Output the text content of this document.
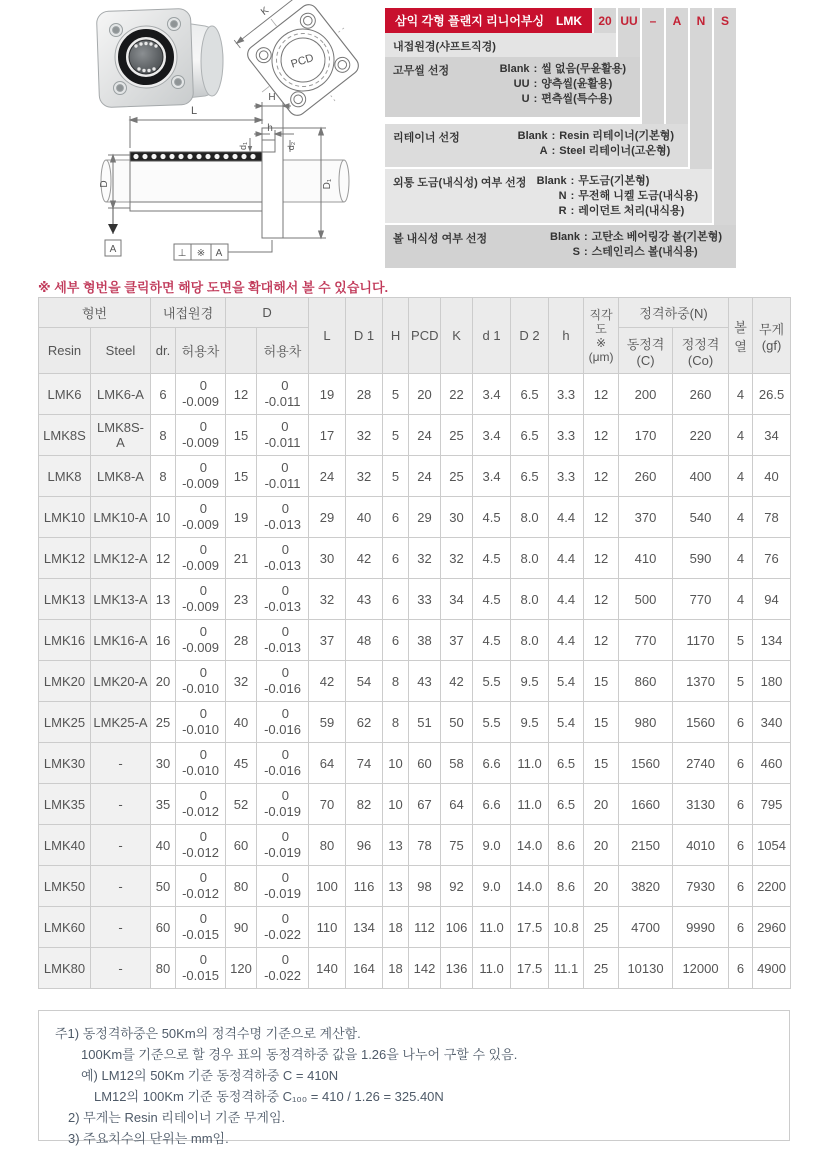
PCD
K
L
H
h
d₁	d₂
D	D₁
A	⊥ ※ A
삼익 각형 플랜지 리니어부싱 LMK	20 UU –	A	N	S
내접원경(샤프트직경)
고무씰 선정	Blank : 씰 없음(무윤활용)
UU : 양측씰(윤활용)
U : 편측씰(특수용)
리테이너 선정	Blank : Resin 리테이너(기본형)
A : Steel 리테이너(고온형)
외통 도금(내식성) 여부 선정 Blank : 무도금(기본형)
N : 무전해 니켈 도금(내식용)
R : 레이던트 처리(내식용)
볼 내식성 여부 선정	Blank : 고탄소 베어링강 볼(기본형)
S : 스테인리스 볼(내식용)
※ 세부 형번을 클릭하면 해당 도면을 확대해서 볼 수 있습니다.
형번	내접원경	D	L	D 1	H	PCD	K	d 1	D 2	h	
직각
도
※
(μm)
	정격하중(N)	
볼
열

무게
(gf)

Resin	Steel	dr.	허용차		허용차	동정격
(C)

정정격
(Co)

LMK6	LMK6-A	6	
0
-0.009	12	
0
-0.011	19	28	5	20	22	3.4	6.5	3.3	12	200	260	4	26.5
LMK8S	LMK8S-A	8	
0
-0.009	15	
0
-0.011	17	32	5	24	25	3.4	6.5	3.3	12	170	220	4	34
LMK8	LMK8-A	8	
0
-0.009	15	
0
-0.011	24	32	5	24	25	3.4	6.5	3.3	12	260	400	4	40
LMK10	LMK10-A	10	
0
-0.009	19	
0
-0.013	29	40	6	29	30	4.5	8.0	4.4	12	370	540	4	78
LMK12	LMK12-A	12	
0
-0.009	21	
0
-0.013	30	42	6	32	32	4.5	8.0	4.4	12	410	590	4	76
LMK13	LMK13-A	13	
0
-0.009	23	
0
-0.013	32	43	6	33	34	4.5	8.0	4.4	12	500	770	4	94
LMK16	LMK16-A	16	
0
-0.009	28	
0
-0.013	37	48	6	38	37	4.5	8.0	4.4	12	770	1170	5	134
LMK20	LMK20-A	20	
0
-0.010	32	
0
-0.016	42	54	8	43	42	5.5	9.5	5.4	15	860	1370	5	180
LMK25	LMK25-A	25	
0
-0.010	40	
0
-0.016	59	62	8	51	50	5.5	9.5	5.4	15	980	1560	6	340
LMK30	-	30	
0
-0.010	45	
0
-0.016	64	74	10	60	58	6.6	11.0	6.5	15	1560	2740	6	460
LMK35	-	35	
0
-0.012	52	
0
-0.019	70	82	10	67	64	6.6	11.0	6.5	20	1660	3130	6	795
LMK40	-	40	
0
-0.012	60	
0
-0.019	80	96	13	78	75	9.0	14.0	8.6	20	2150	4010	6	1054
LMK50	-	50	
0
-0.012	80	
0
-0.019	100	116	13	98	92	9.0	14.0	8.6	20	3820	7930	6	2200
LMK60	-	60	
0
-0.015	90	
0
-0.022	110	134	18	112	106	11.0	17.5	10.8	25	4700	9990	6	2960
LMK80	-	80	
0
-0.015	120	
0
-0.022	140	164	18	142	136	11.0	17.5	11.1	25	10130	12000	6	4900
주1) 동정격하중은 50Km의 정격수명 기준으로 계산함.
100Km를 기준으로 할 경우 표의 동정격하중 값을 1.26을 나누어 구할 수 있음.
예) LM12의 50Km 기준 동정격하중 C = 410N
LM12의 100Km 기준 동정격하중 C₁₀₀ = 410 / 1.26 = 325.40N
2) 무게는 Resin 리테이너 기준 무게임.
3) 주요치수의 단위는 mm임.
